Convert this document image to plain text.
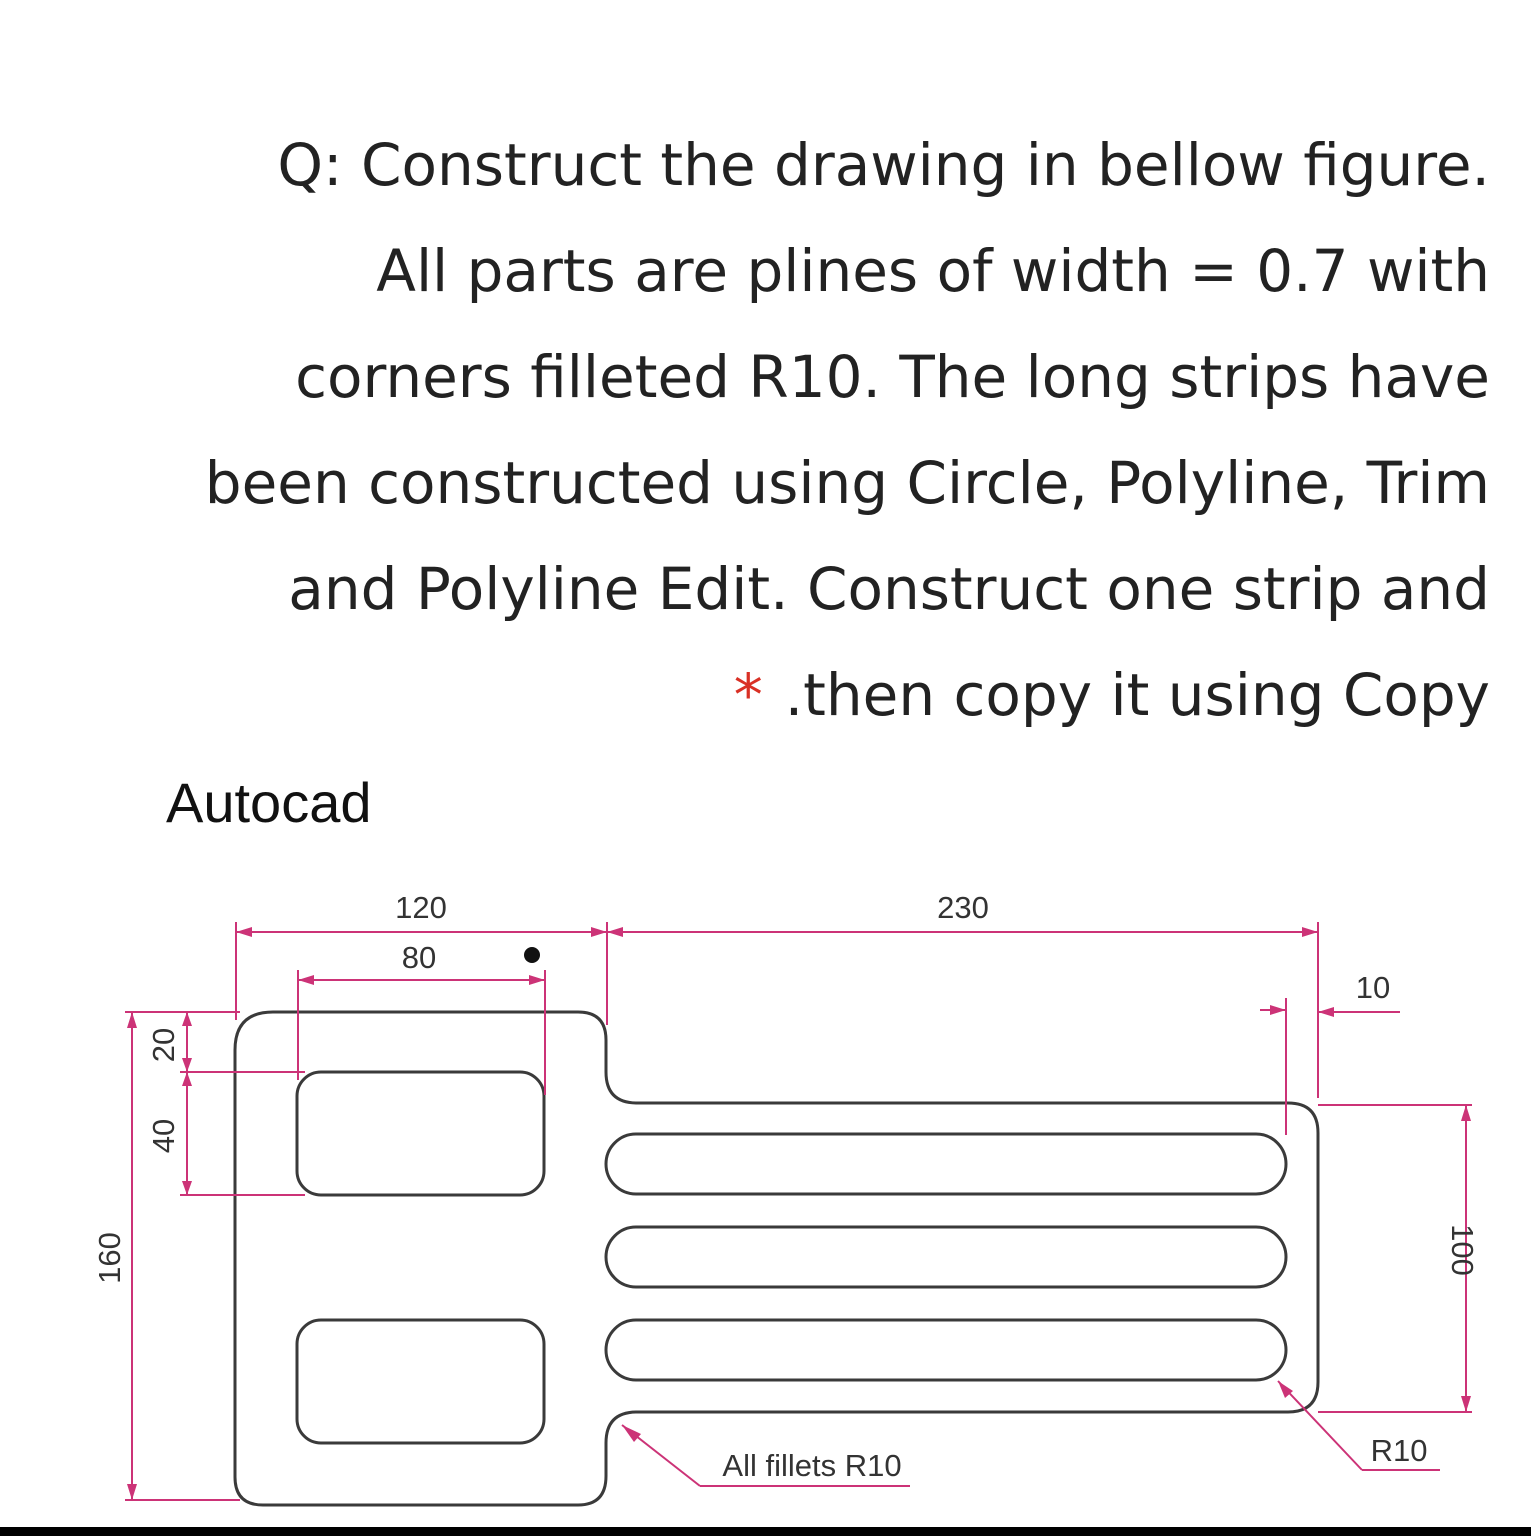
Q: Construct the drawing in bellow figure.
All parts are plines of width = 0.7 with
corners filleted R10. The long strips have
been constructed using Circle, Polyline, Trim
and Polyline Edit. Construct one strip and
* .then copy it using Copy
Autocad
120	230
80
10
20
40
160	100
All fillets R10	R10
